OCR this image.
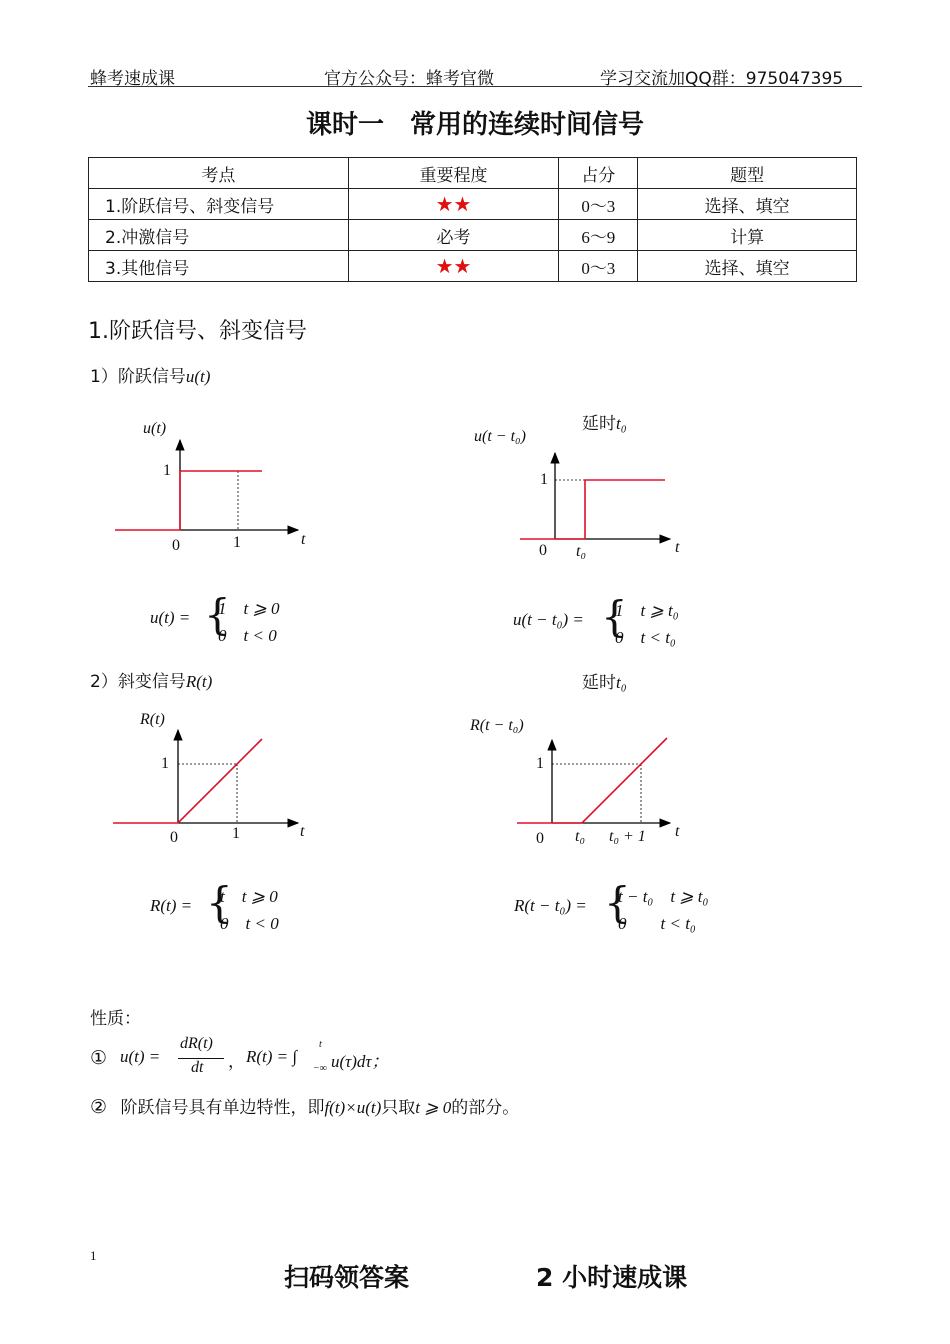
蜂考速成课	官方公众号：蜂考官微	学习交流加QQ群：975047395
课时一　常用的连续时间信号
考点	重要程度	占分	题型
1.阶跃信号、斜变信号	★★	0～3	选择、填空
2.冲激信号	必考	6～9	计算
3.其他信号	★★	0～3	选择、填空
1.阶跃信号、斜变信号
1）阶跃信号u(t)
延时t₀
u(t)
1
0	1	t
u(t − t₀)
1
0 t₀	t
u(t) = {
1　t ⩾ 0
0　t < 0
u(t − t₀) = {
1　t ⩾ t₀
0　t < t₀
2）斜变信号R(t)	延时t₀
R(t)
1
0	1	t
R(t − t₀)
1
0 t₀ t₀ + 1 t
R(t) = {
t　t ⩾ 0
0　t < 0
R(t − t₀) = {
t − t₀　t ⩾ t₀
0　　t < t₀
性质：
① u(t) =
dR(t)
dt ， R(t) = ∫
t
−∞ u(τ)dτ；
② 阶跃信号具有单边特性，即f(t)×u(t)只取t ⩾ 0的部分。
1
扫码领答案	2 小时速成课
